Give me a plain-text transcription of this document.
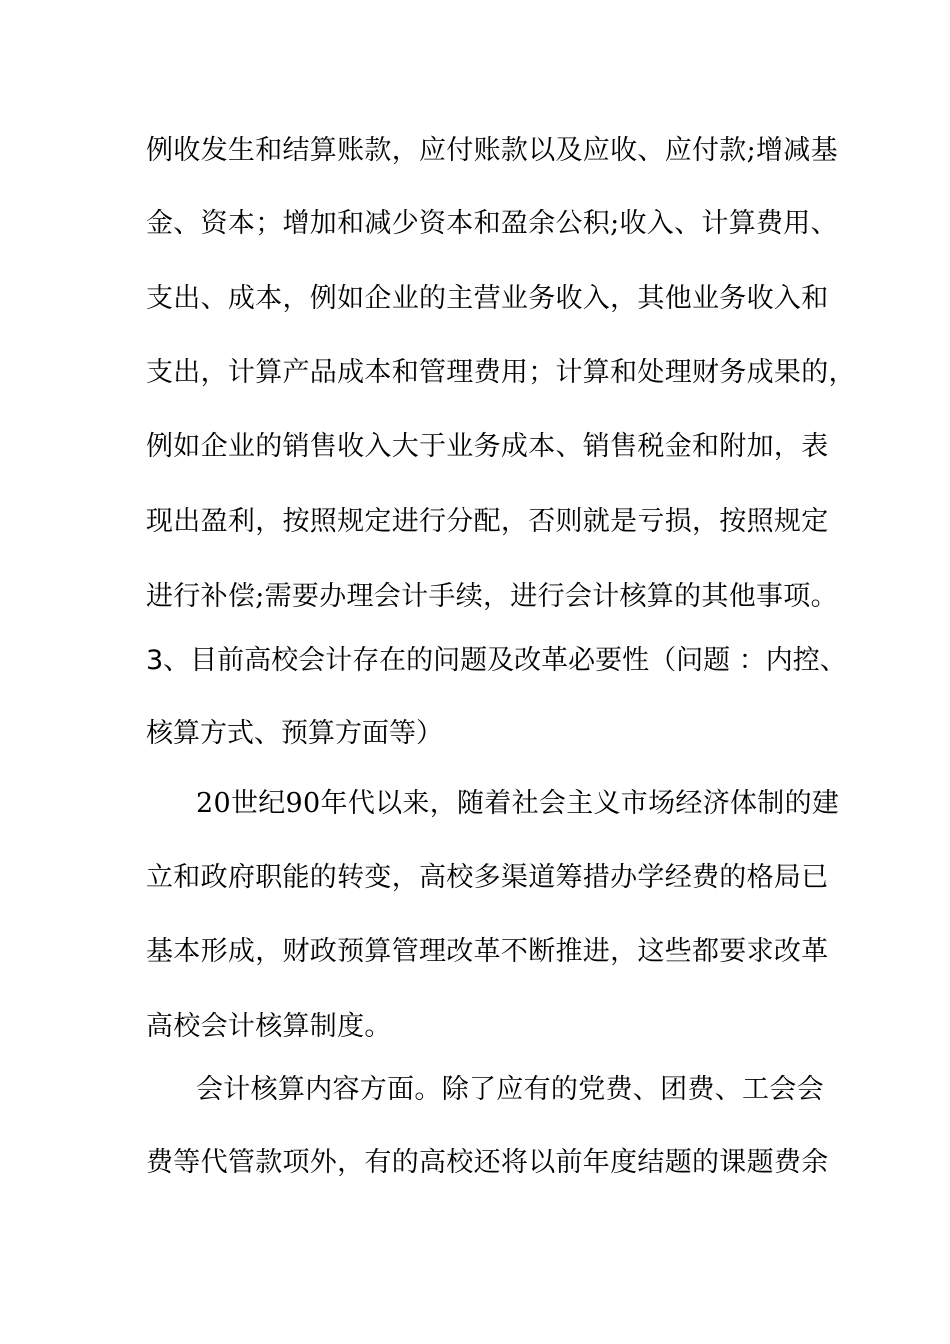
例收发生和结算账款，应付账款以及应收、应付款;增减基
金、资本；增加和减少资本和盈余公积;收入、计算费用、
支出、成本，例如企业的主营业务收入，其他业务收入和
支出，计算产品成本和管理费用；计算和处理财务成果的，
例如企业的销售收入大于业务成本、销售税金和附加，表
现出盈利，按照规定进行分配，否则就是亏损，按照规定
进行补偿;需要办理会计手续，进行会计核算的其他事项。
3、目前高校会计存在的问题及改革必要性（问题 ：内控、
核算方式、预算方面等）
20世纪90年代以来，随着社会主义市场经济体制的建
立和政府职能的转变，高校多渠道筹措办学经费的格局已
基本形成，财政预算管理改革不断推进，这些都要求改革
高校会计核算制度。
会计核算内容方面。除了应有的党费、团费、工会会
费等代管款项外，有的高校还将以前年度结题的课题费余
